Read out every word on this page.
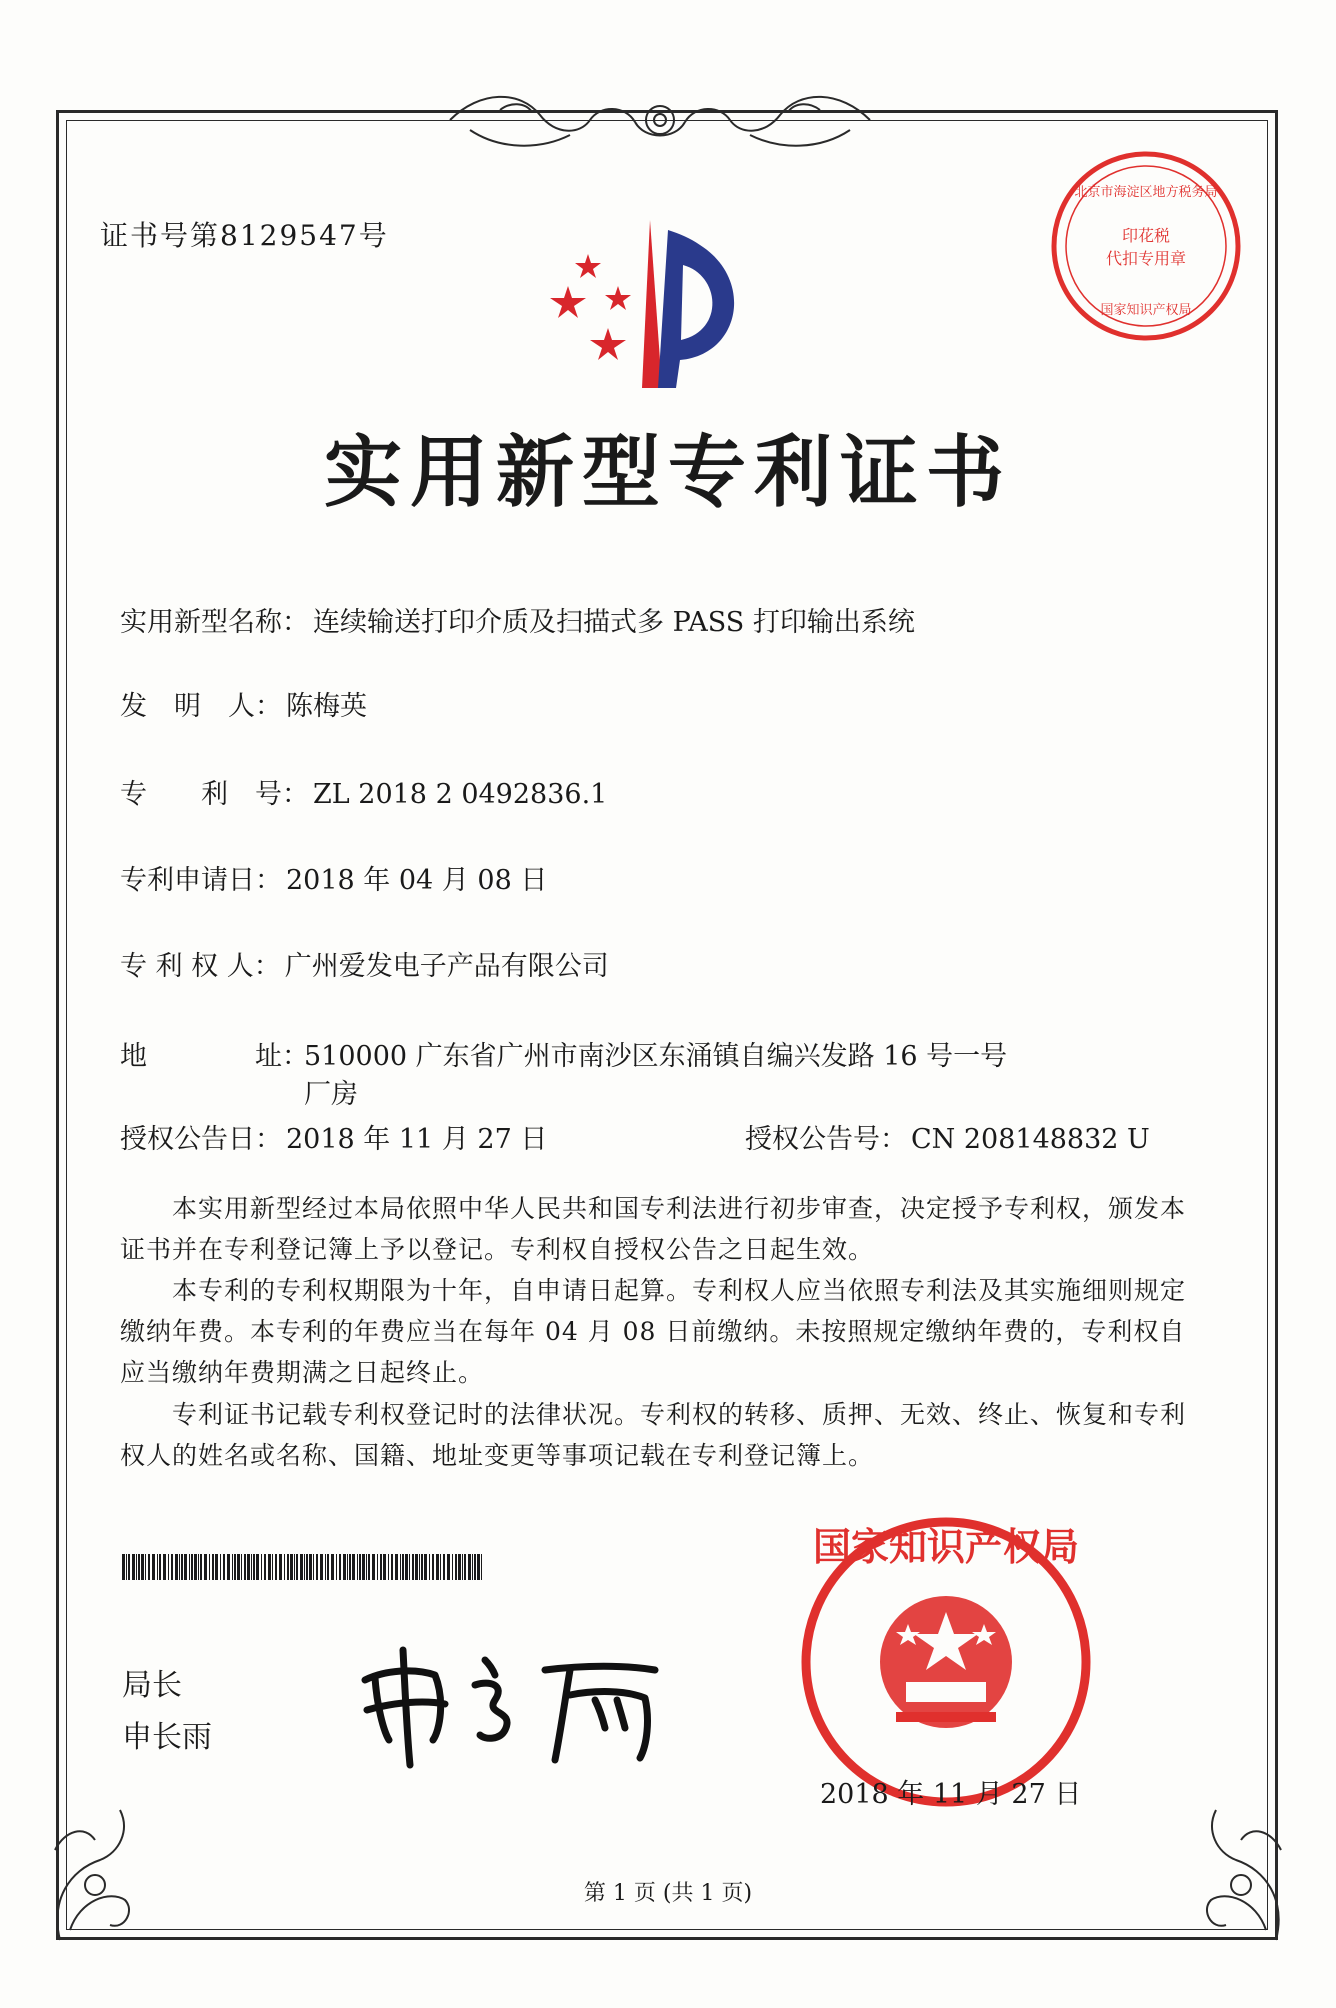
证书号第8129547号
实用新型专利证书
实用新型名称： 连续输送打印介质及扫描式多 PASS 打印输出系统
发　明　人： 陈梅英
专　　利　号： ZL 2018 2 0492836.1
专利申请日： 2018 年 04 月 08 日
专 利 权 人： 广州爱发电子产品有限公司
地　　　　址：
510000 广东省广州市南沙区东涌镇自编兴发路 16 号一号厂房
授权公告日： 2018 年 11 月 27 日	授权公告号： CN 208148832 U
本实用新型经过本局依照中华人民共和国专利法进行初步审查，决定授予专利权，颁发本证书并在专利登记簿上予以登记。专利权自授权公告之日起生效。
本专利的专利权期限为十年，自申请日起算。专利权人应当依照专利法及其实施细则规定缴纳年费。本专利的年费应当在每年 04 月 08 日前缴纳。未按照规定缴纳年费的，专利权自应当缴纳年费期满之日起终止。
专利证书记载专利权登记时的法律状况。专利权的转移、质押、无效、终止、恢复和专利权人的姓名或名称、国籍、地址变更等事项记载在专利登记簿上。
局长
申长雨
国家知识产权局
2018 年 11 月 27 日
印花税
代扣专用章
北京市海淀区地方税务局
国家知识产权局
第 1 页 (共 1 页)
